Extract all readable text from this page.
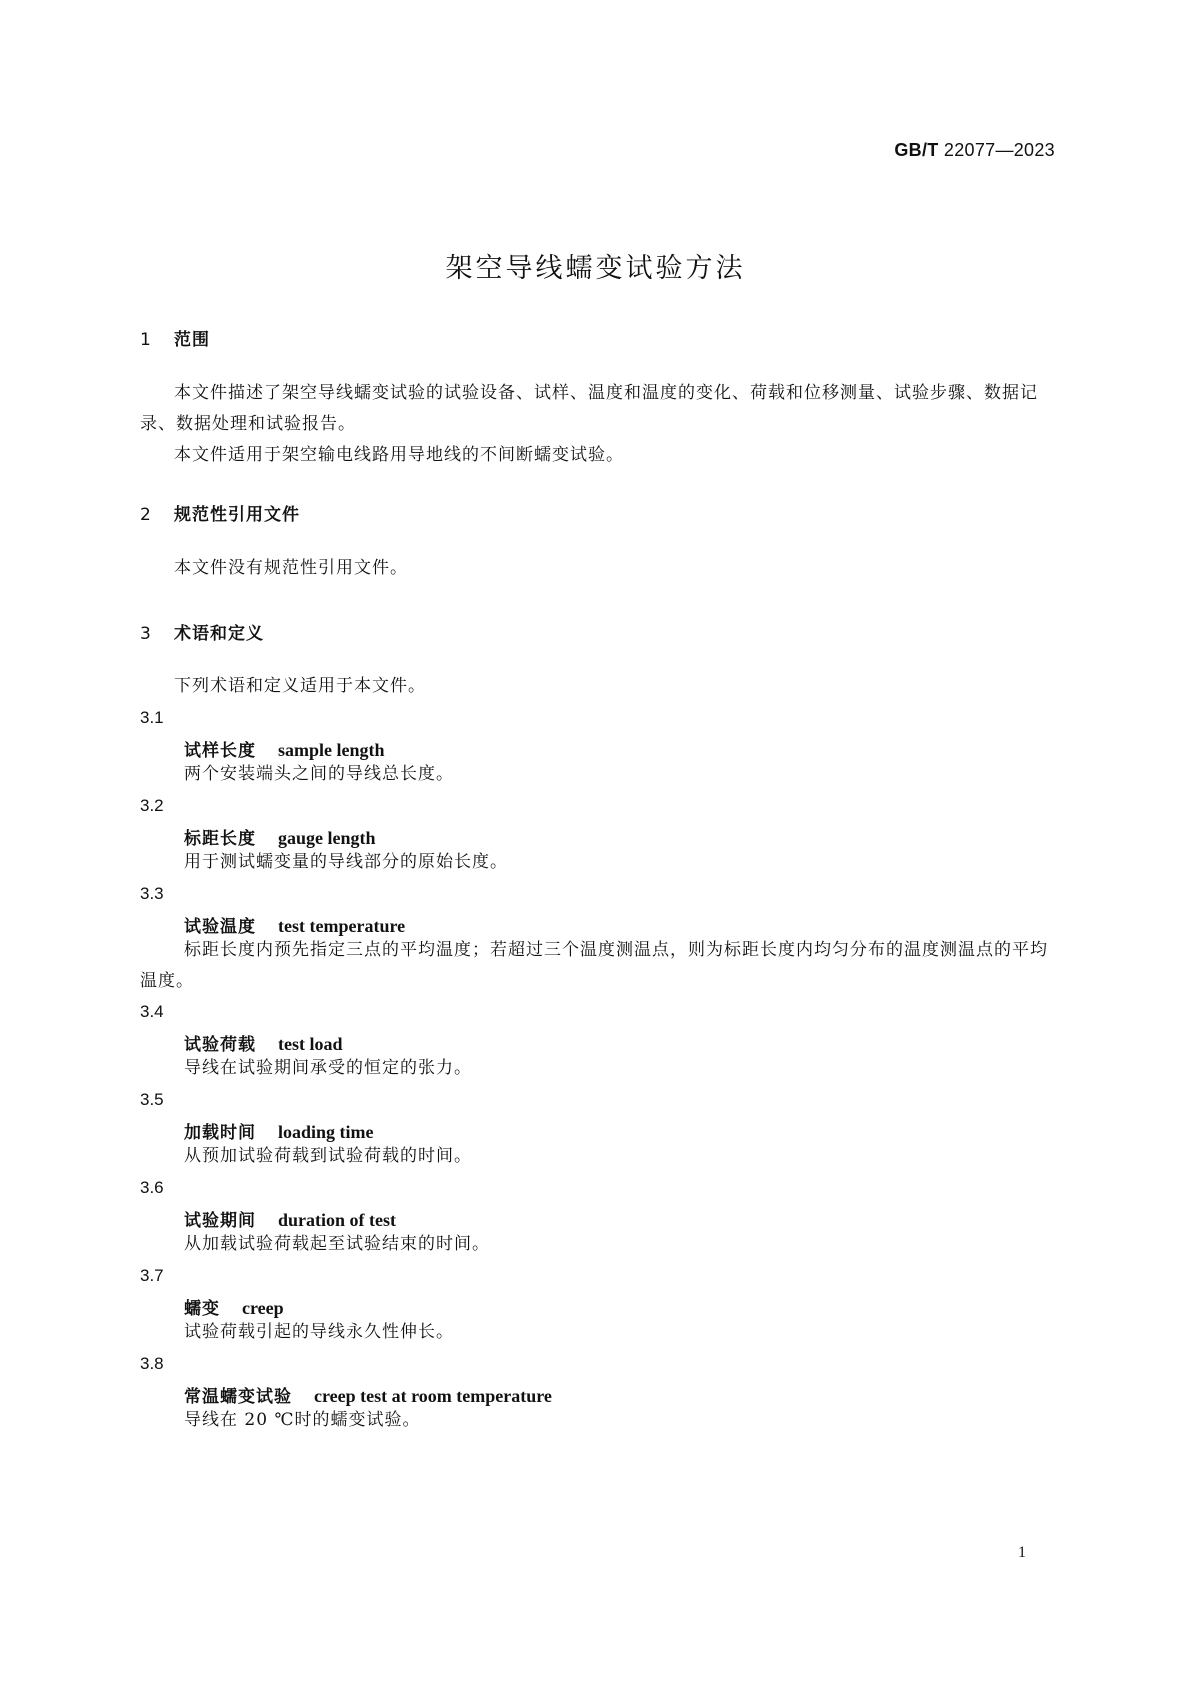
GB/T 22077—2023
架空导线蠕变试验方法
1 范围

本文件描述了架空导线蠕变试验的试验设备、试样、温度和温度的变化、荷载和位移测量、试验步骤、数据记录、数据处理和试验报告。

本文件适用于架空输电线路用导地线的不间断蠕变试验。

2 规范性引用文件

本文件没有规范性引用文件。

3 术语和定义

下列术语和定义适用于本文件。

3.1
试样长度 sample length
两个安装端头之间的导线总长度。
3.2
标距长度 gauge length
用于测试蠕变量的导线部分的原始长度。
3.3
试验温度 test temperature
标距长度内预先指定三点的平均温度；若超过三个温度测温点，则为标距长度内均匀分布的温度测温点的平均温度。
3.4
试验荷载 test load
导线在试验期间承受的恒定的张力。
3.5
加载时间 loading time
从预加试验荷载到试验荷载的时间。
3.6
试验期间 duration of test
从加载试验荷载起至试验结束的时间。
3.7
蠕变 creep
试验荷载引起的导线永久性伸长。
3.8
常温蠕变试验 creep test at room temperature
导线在 20 ℃时的蠕变试验。
1
